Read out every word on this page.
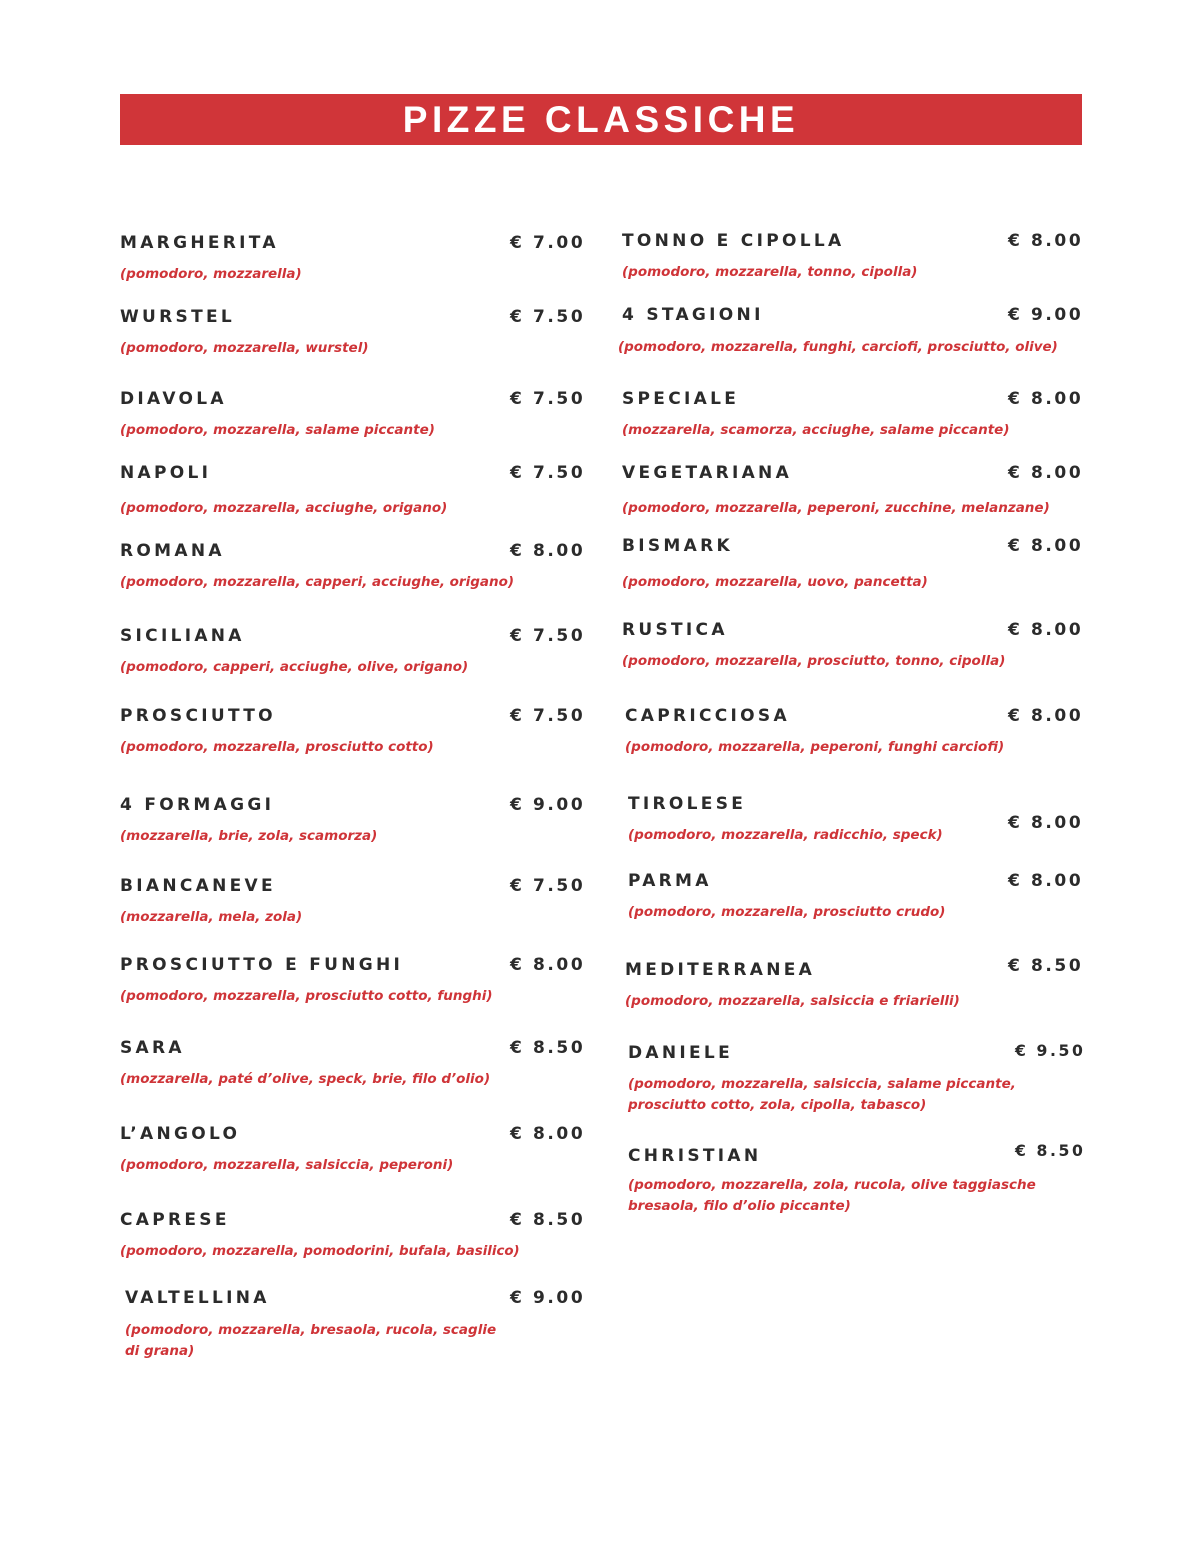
PIZZE CLASSICHE
MARGHERITA	€ 7.00
(pomodoro, mozzarella)
WURSTEL	€ 7.50
(pomodoro, mozzarella, wurstel)
DIAVOLA	€ 7.50
(pomodoro, mozzarella, salame piccante)
NAPOLI	€ 7.50
(pomodoro, mozzarella, acciughe, origano)
ROMANA	€ 8.00
(pomodoro, mozzarella, capperi, acciughe, origano)
SICILIANA	€ 7.50
(pomodoro, capperi, acciughe, olive, origano)
PROSCIUTTO	€ 7.50
(pomodoro, mozzarella, prosciutto cotto)
4 FORMAGGI	€ 9.00
(mozzarella, brie, zola, scamorza)
BIANCANEVE	€ 7.50
(mozzarella, mela, zola)
PROSCIUTTO E FUNGHI	€ 8.00
(pomodoro, mozzarella, prosciutto cotto, funghi)
SARA	€ 8.50
(mozzarella, paté d’olive, speck, brie, filo d’olio)
L’ANGOLO	€ 8.00
(pomodoro, mozzarella, salsiccia, peperoni)
CAPRESE	€ 8.50
(pomodoro, mozzarella, pomodorini, bufala, basilico)
VALTELLINA	€ 9.00
(pomodoro, mozzarella, bresaola, rucola, scaglie di grana)
TONNO E CIPOLLA	€ 8.00
(pomodoro, mozzarella, tonno, cipolla)
4 STAGIONI	€ 9.00
(pomodoro, mozzarella, funghi, carciofi, prosciutto, olive)
SPECIALE	€ 8.00
(mozzarella, scamorza, acciughe, salame piccante)
VEGETARIANA	€ 8.00
(pomodoro, mozzarella, peperoni, zucchine, melanzane)
BISMARK	€ 8.00
(pomodoro, mozzarella, uovo, pancetta)
RUSTICA	€ 8.00
(pomodoro, mozzarella, prosciutto, tonno, cipolla)
CAPRICCIOSA	€ 8.00
(pomodoro, mozzarella, peperoni, funghi carciofi)
TIROLESE
€ 8.00
(pomodoro, mozzarella, radicchio, speck)
PARMA	€ 8.00
(pomodoro, mozzarella, prosciutto crudo)
MEDITERRANEA	€ 8.50
(pomodoro, mozzarella, salsiccia e friarielli)
DANIELE	€ 9.50
(pomodoro, mozzarella, salsiccia, salame piccante, prosciutto cotto, zola, cipolla, tabasco)
CHRISTIAN	€ 8.50
(pomodoro, mozzarella, zola, rucola, olive taggiasche bresaola, filo d’olio piccante)
